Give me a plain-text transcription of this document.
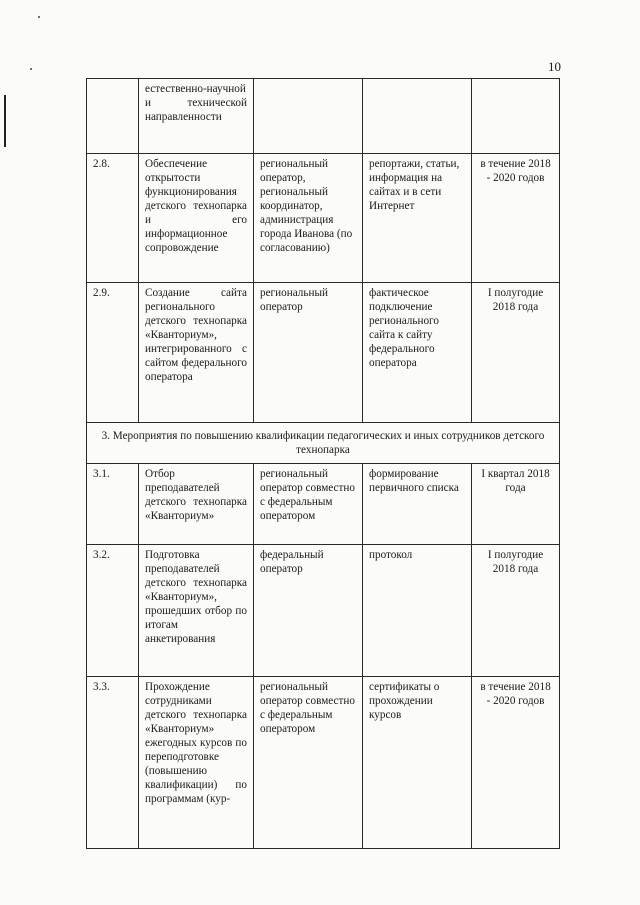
10
	естественно-научной и технической направленности			
2.8.	Обеспечение открытости функционирования детского технопарка и его информационное сопровождение	региональный оператор, региональный координатор, администрация города Иванова (по согласованию)	репортажи, статьи, информация на сайтах и в сети Интернет	в течение 2018 - 2020 годов
2.9.	Создание сайта регионального детского технопарка «Кванториум», интегрированного с сайтом федерального оператора	региональный оператор	фактическое подключение регионального сайта к сайту федерального оператора	I полугодие 2018 года
3. Мероприятия по повышению квалификации педагогических и иных сотрудников детского технопарка				
3.1.	Отбор преподавателей детского технопарка «Кванториум»	региональный оператор совместно с федеральным оператором	формирование первичного списка	I квартал 2018 года
3.2.	Подготовка преподавателей детского технопарка «Кванториум», прошедших отбор по итогам анкетирования	федеральный оператор	протокол	I полугодие 2018 года
3.3.	Прохождение сотрудниками детского технопарка «Кванториум» ежегодных курсов по переподготовке (повышению квалификации) по программам (кур-	региональный оператор совместно с федеральным оператором	сертификаты о прохождении курсов	в течение 2018 - 2020 годов
